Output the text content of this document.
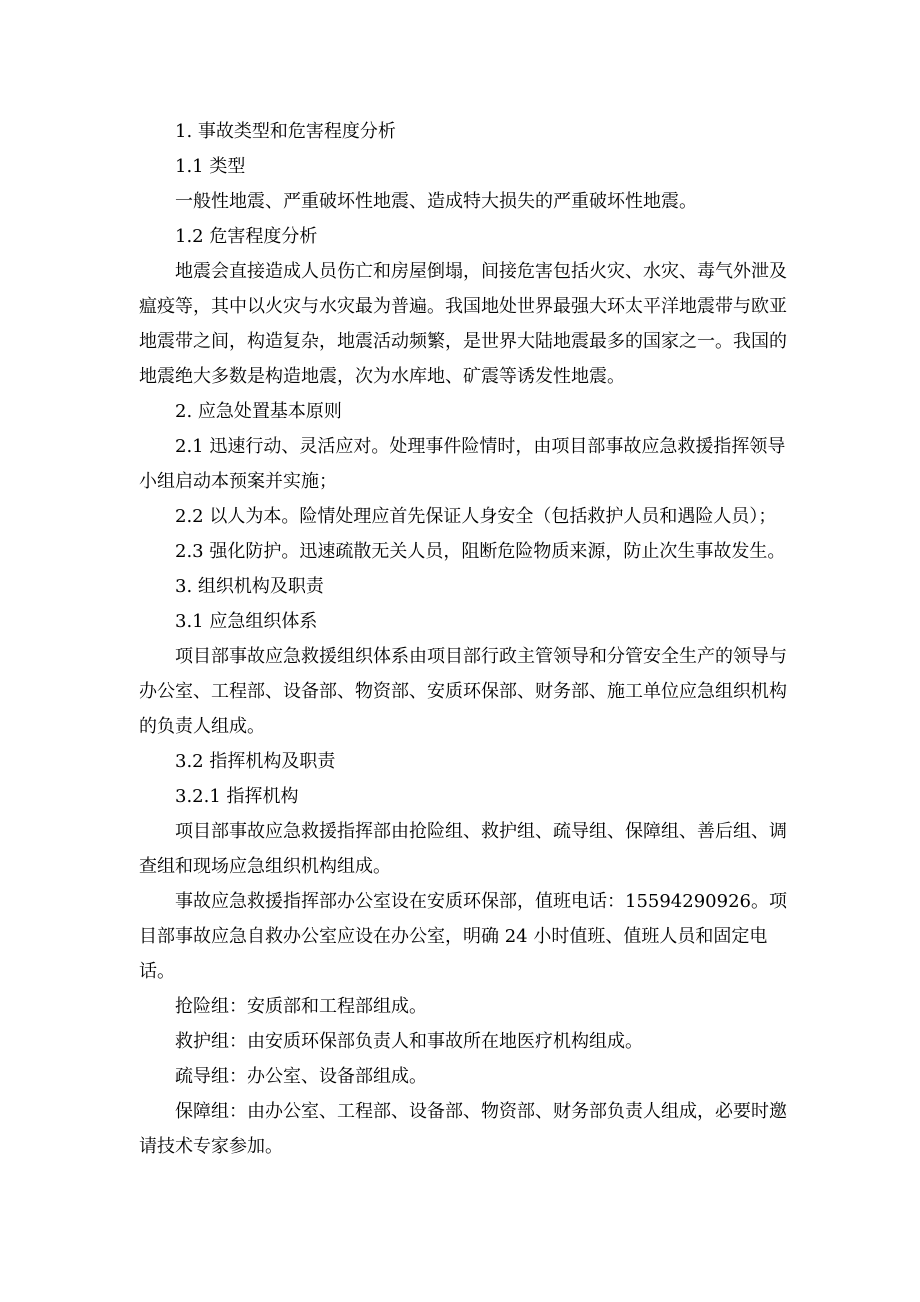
1. 事故类型和危害程度分析

1.1 类型

一般性地震、严重破坏性地震、造成特大损失的严重破坏性地震。

1.2 危害程度分析

地震会直接造成人员伤亡和房屋倒塌，间接危害包括火灾、水灾、毒气外泄及瘟疫等，其中以火灾与水灾最为普遍。我国地处世界最强大环太平洋地震带与欧亚地震带之间，构造复杂，地震活动频繁，是世界大陆地震最多的国家之一。我国的地震绝大多数是构造地震，次为水库地、矿震等诱发性地震。

2. 应急处置基本原则

2.1 迅速行动、灵活应对。处理事件险情时，由项目部事故应急救援指挥领导小组启动本预案并实施；

2.2 以人为本。险情处理应首先保证人身安全（包括救护人员和遇险人员）；

2.3 强化防护。迅速疏散无关人员，阻断危险物质来源，防止次生事故发生。

3. 组织机构及职责

3.1 应急组织体系

项目部事故应急救援组织体系由项目部行政主管领导和分管安全生产的领导与办公室、工程部、设备部、物资部、安质环保部、财务部、施工单位应急组织机构的负责人组成。

3.2 指挥机构及职责

3.2.1 指挥机构

项目部事故应急救援指挥部由抢险组、救护组、疏导组、保障组、善后组、调查组和现场应急组织机构组成。

事故应急救援指挥部办公室设在安质环保部，值班电话：15594290926。项目部事故应急自救办公室应设在办公室，明确 24 小时值班、值班人员和固定电话。

抢险组：安质部和工程部组成。

救护组：由安质环保部负责人和事故所在地医疗机构组成。

疏导组：办公室、设备部组成。

保障组：由办公室、工程部、设备部、物资部、财务部负责人组成，必要时邀请技术专家参加。
